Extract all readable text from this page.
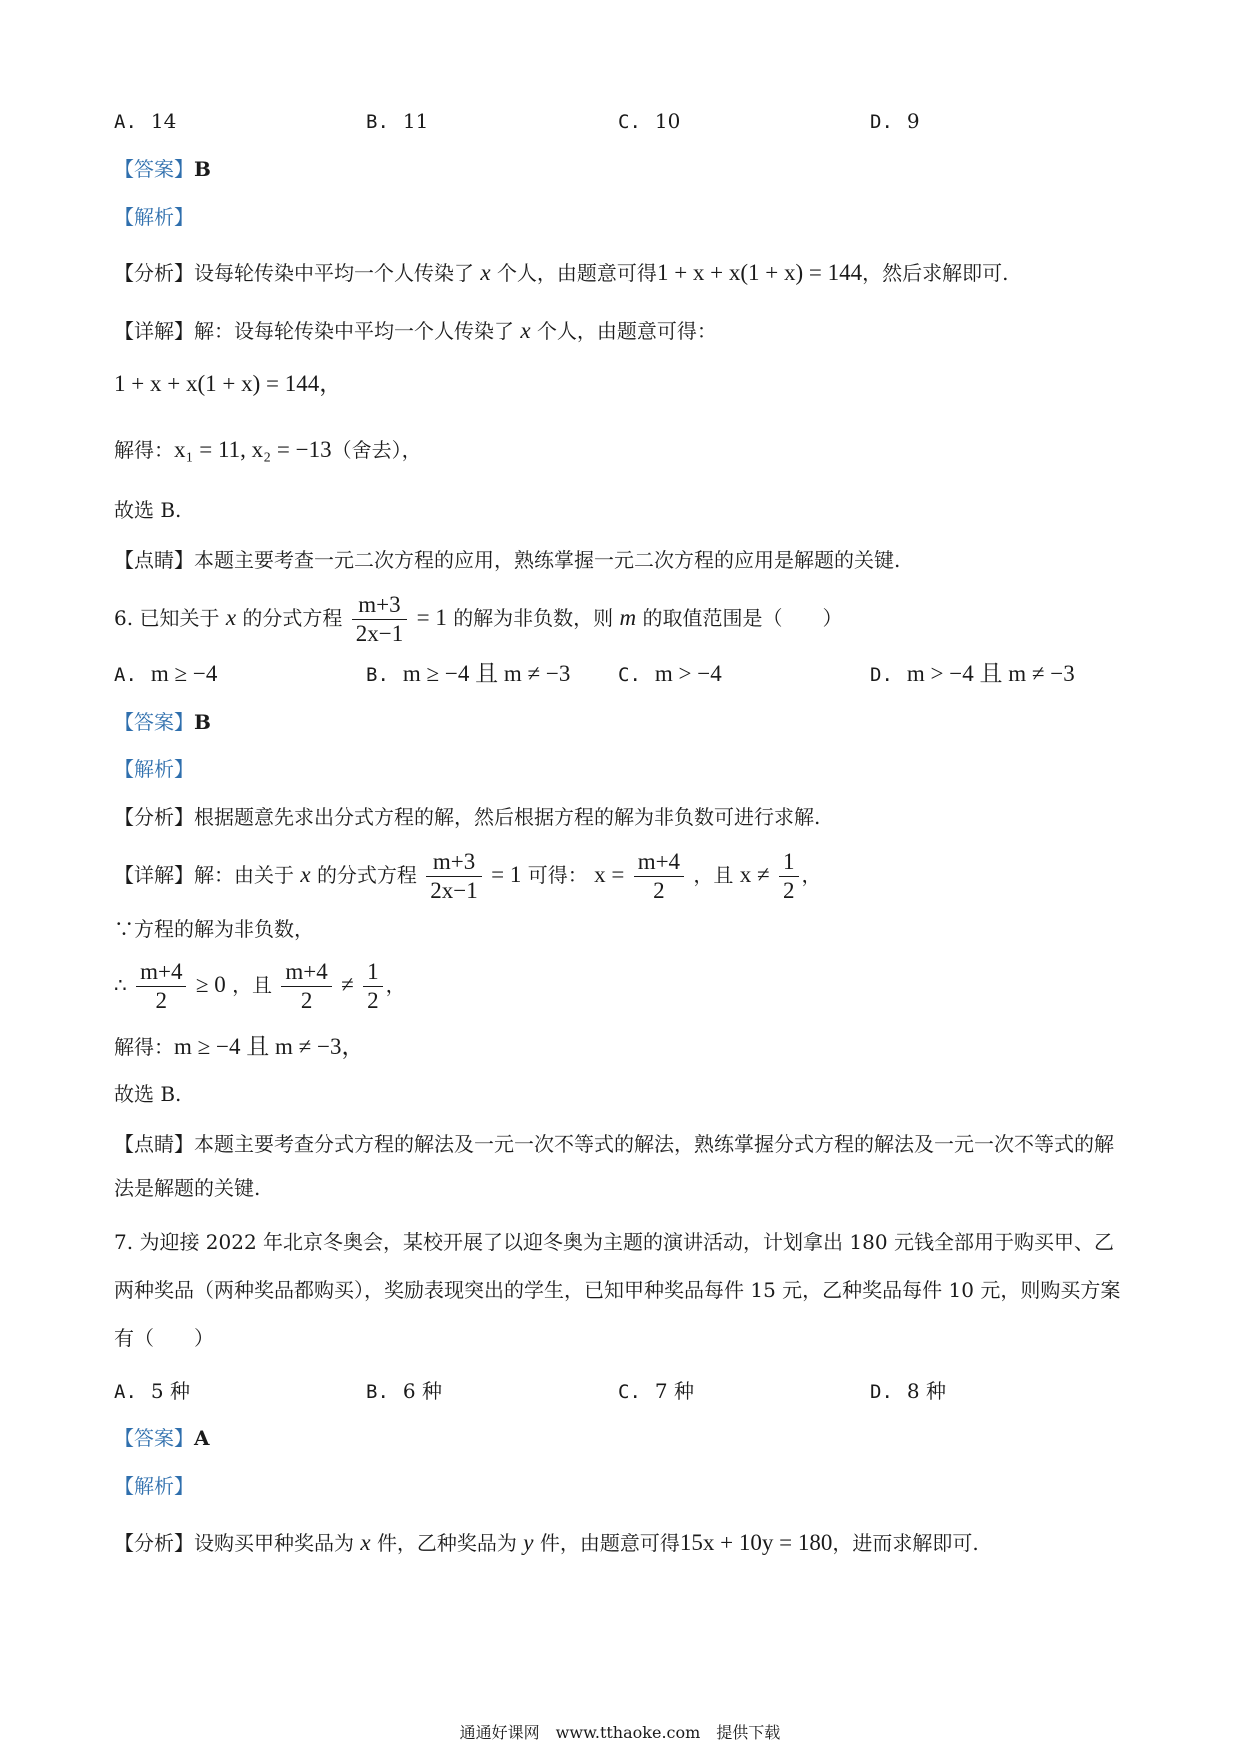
A. 14	B. 11	C. 10	D. 9
【答案】B
【解析】
【分析】设每轮传染中平均一个人传染了 x 个人，由题意可得1 + x + x(1 + x) = 144，然后求解即可.
【详解】解：设每轮传染中平均一个人传染了 x 个人，由题意可得：
1 + x + x(1 + x) = 144，
解得：x₁ = 11, x₂ = −13（舍去），
故选 B.
【点睛】本题主要考查一元二次方程的应用，熟练掌握一元二次方程的应用是解题的关键.
6. 已知关于 x 的分式方程 $\frac{m+3}{2x-1} = 1$ 的解为非负数，则 m 的取值范围是（　　）
A. m ≥ −4	B. m ≥ −4 且 m ≠ −3	C. m > −4	D. m > −4 且 m ≠ −3
【答案】B
【解析】
【分析】根据题意先求出分式方程的解，然后根据方程的解为非负数可进行求解.
【详解】解：由关于 x 的分式方程 $\frac{m+3}{2x-1} = 1$ 可得： $x = \frac{m+4}{2}$ ，且 $x \ne \frac{1}{2}$ ，
∵方程的解为非负数，
∴ $\frac{m+4}{2} \ge 0$ ，且 $\frac{m+4}{2} \ne \frac{1}{2}$ ，
解得：m ≥ −4 且 m ≠ −3，
故选 B.
【点睛】本题主要考查分式方程的解法及一元一次不等式的解法，熟练掌握分式方程的解法及一元一次不等式的解法是解题的关键.
7. 为迎接 2022 年北京冬奥会，某校开展了以迎冬奥为主题的演讲活动，计划拿出 180 元钱全部用于购买甲、乙两种奖品（两种奖品都购买），奖励表现突出的学生，已知甲种奖品每件 15 元，乙种奖品每件 10 元，则购买方案有（　　）
A. 5 种	B. 6 种	C. 7 种	D. 8 种
【答案】A
【解析】
【分析】设购买甲种奖品为 x 件，乙种奖品为 y 件，由题意可得15x + 10y = 180，进而求解即可.
通通好课网　www.tthaoke.com　提供下载
